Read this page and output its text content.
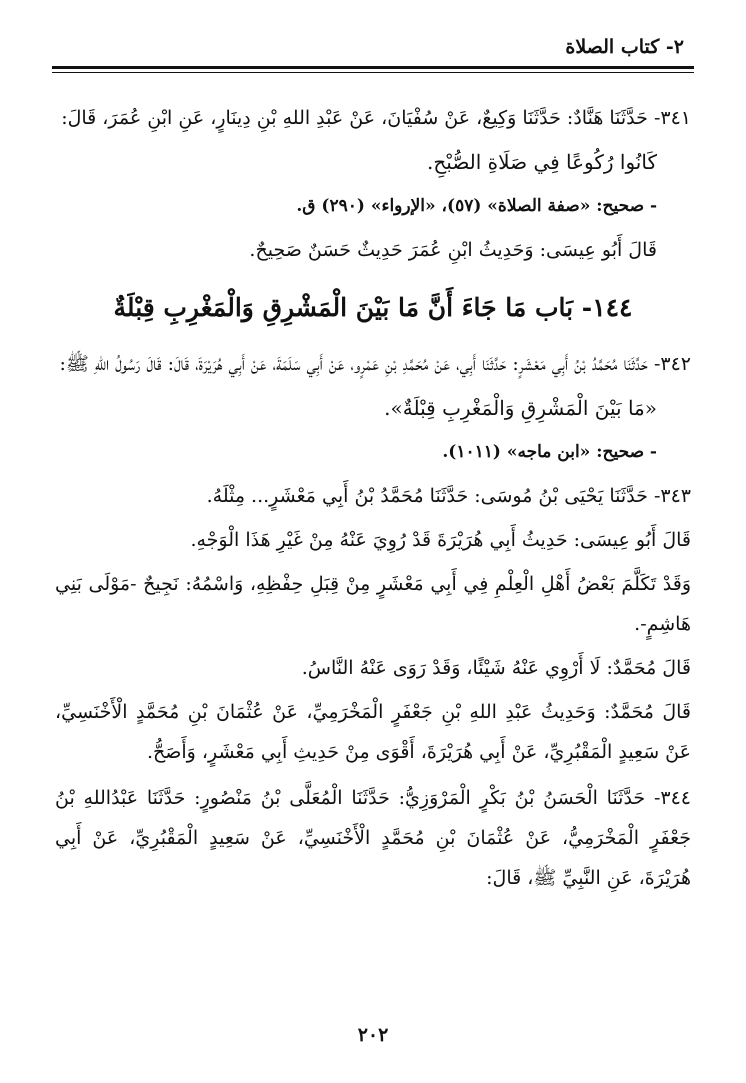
٢- كتاب الصلاة

٣٤١- حَدَّثَنَا هَنَّادٌ: حَدَّثَنَا وَكِيعٌ، عَنْ سُفْيَانَ، عَنْ عَبْدِ اللهِ بْنِ دِينَارٍ، عَنِ ابْنِ عُمَرَ، قَالَ:

كَانُوا رُكُوعًا فِي صَلَاةِ الصُّبْحِ.

- صحيح: «صفة الصلاة» (٥٧)، «الإرواء» (٢٩٠) ق.

قَالَ أَبُو عِيسَى: وَحَدِيثُ ابْنِ عُمَرَ حَدِيثٌ حَسَنٌ صَحِيحٌ.

١٤٤- بَاب مَا جَاءَ أَنَّ مَا بَيْنَ الْمَشْرِقِ وَالْمَغْرِبِ قِبْلَةٌ

٣٤٢- حَدَّثَنَا مُحَمَّدُ بْنُ أَبِي مَعْشَرٍ: حَدَّثَنَا أَبِي، عَنْ مُحَمَّدِ بْنِ عَمْرٍو، عَنْ أَبِي سَلَمَةَ، عَنْ أَبِي هُرَيْرَةَ، قَالَ: قَالَ رَسُولُ اللهِ ﷺ:

«مَا بَيْنَ الْمَشْرِقِ وَالْمَغْرِبِ قِبْلَةٌ».

- صحيح: «ابن ماجه» (١٠١١).

٣٤٣- حَدَّثَنَا يَحْيَى بْنُ مُوسَى: حَدَّثَنَا مُحَمَّدُ بْنُ أَبِي مَعْشَرٍ... مِثْلَهُ.

قَالَ أَبُو عِيسَى: حَدِيثُ أَبِي هُرَيْرَةَ قَدْ رُوِيَ عَنْهُ مِنْ غَيْرِ هَذَا الْوَجْهِ.

وَقَدْ تَكَلَّمَ بَعْضُ أَهْلِ الْعِلْمِ فِي أَبِي مَعْشَرٍ مِنْ قِبَلِ حِفْظِهِ، وَاسْمُهُ: نَجِيحٌ -مَوْلَى بَنِي هَاشِمٍ-.

قَالَ مُحَمَّدٌ: لَا أَرْوِي عَنْهُ شَيْئًا، وَقَدْ رَوَى عَنْهُ النَّاسُ.

قَالَ مُحَمَّدٌ: وَحَدِيثُ عَبْدِ اللهِ بْنِ جَعْفَرٍ الْمَخْرَمِيِّ، عَنْ عُثْمَانَ بْنِ مُحَمَّدٍ الْأَخْنَسِيِّ، عَنْ سَعِيدٍ الْمَقْبُرِيِّ، عَنْ أَبِي هُرَيْرَةَ، أَقْوَى مِنْ حَدِيثِ أَبِي مَعْشَرٍ، وَأَصَحُّ.

٣٤٤- حَدَّثَنَا الْحَسَنُ بْنُ بَكْرٍ الْمَرْوَزِيُّ: حَدَّثَنَا الْمُعَلَّى بْنُ مَنْصُورٍ: حَدَّثَنَا عَبْدُاللهِ بْنُ جَعْفَرٍ الْمَخْرَمِيُّ، عَنْ عُثْمَانَ بْنِ مُحَمَّدٍ الْأَخْنَسِيِّ، عَنْ سَعِيدٍ الْمَقْبُرِيِّ، عَنْ أَبِي هُرَيْرَةَ، عَنِ النَّبِيِّ ﷺ، قَالَ:

٢٠٢
